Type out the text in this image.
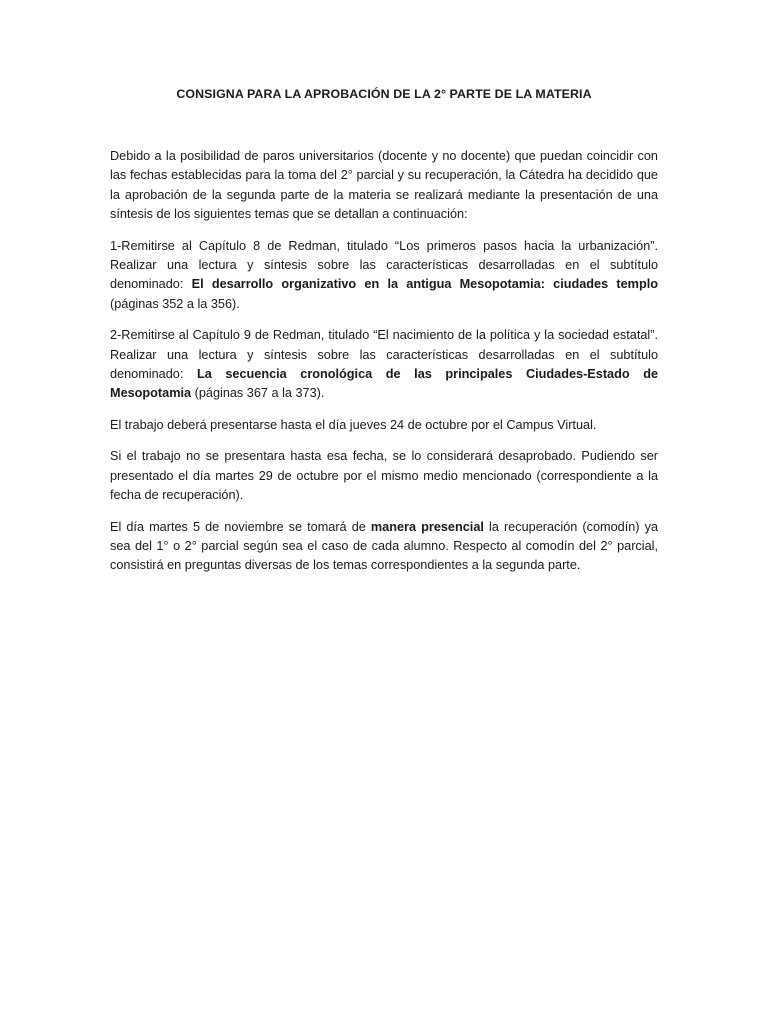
CONSIGNA PARA LA APROBACIÓN DE LA 2° PARTE DE LA MATERIA

Debido a la posibilidad de paros universitarios (docente y no docente) que puedan coincidir con las fechas establecidas para la toma del 2° parcial y su recuperación, la Cátedra ha decidido que la aprobación de la segunda parte de la materia se realizará mediante la presentación de una síntesis de los siguientes temas que se detallan a continuación:

1-Remitirse al Capítulo 8 de Redman, titulado “Los primeros pasos hacia la urbanización”. Realizar una lectura y síntesis sobre las características desarrolladas en el subtítulo denominado: El desarrollo organizativo en la antigua Mesopotamia: ciudades templo (páginas 352 a la 356).

2-Remitirse al Capítulo 9 de Redman, titulado “El nacimiento de la política y la sociedad estatal”. Realizar una lectura y síntesis sobre las características desarrolladas en el subtítulo denominado: La secuencia cronológica de las principales Ciudades-Estado de Mesopotamia (páginas 367 a la 373).

El trabajo deberá presentarse hasta el día jueves 24 de octubre por el Campus Virtual.

Si el trabajo no se presentara hasta esa fecha, se lo considerará desaprobado. Pudiendo ser presentado el día martes 29 de octubre por el mismo medio mencionado (correspondiente a la fecha de recuperación).

El día martes 5 de noviembre se tomará de manera presencial la recuperación (comodín) ya sea del 1° o 2° parcial según sea el caso de cada alumno. Respecto al comodín del 2° parcial, consistirá en preguntas diversas de los temas correspondientes a la segunda parte.
